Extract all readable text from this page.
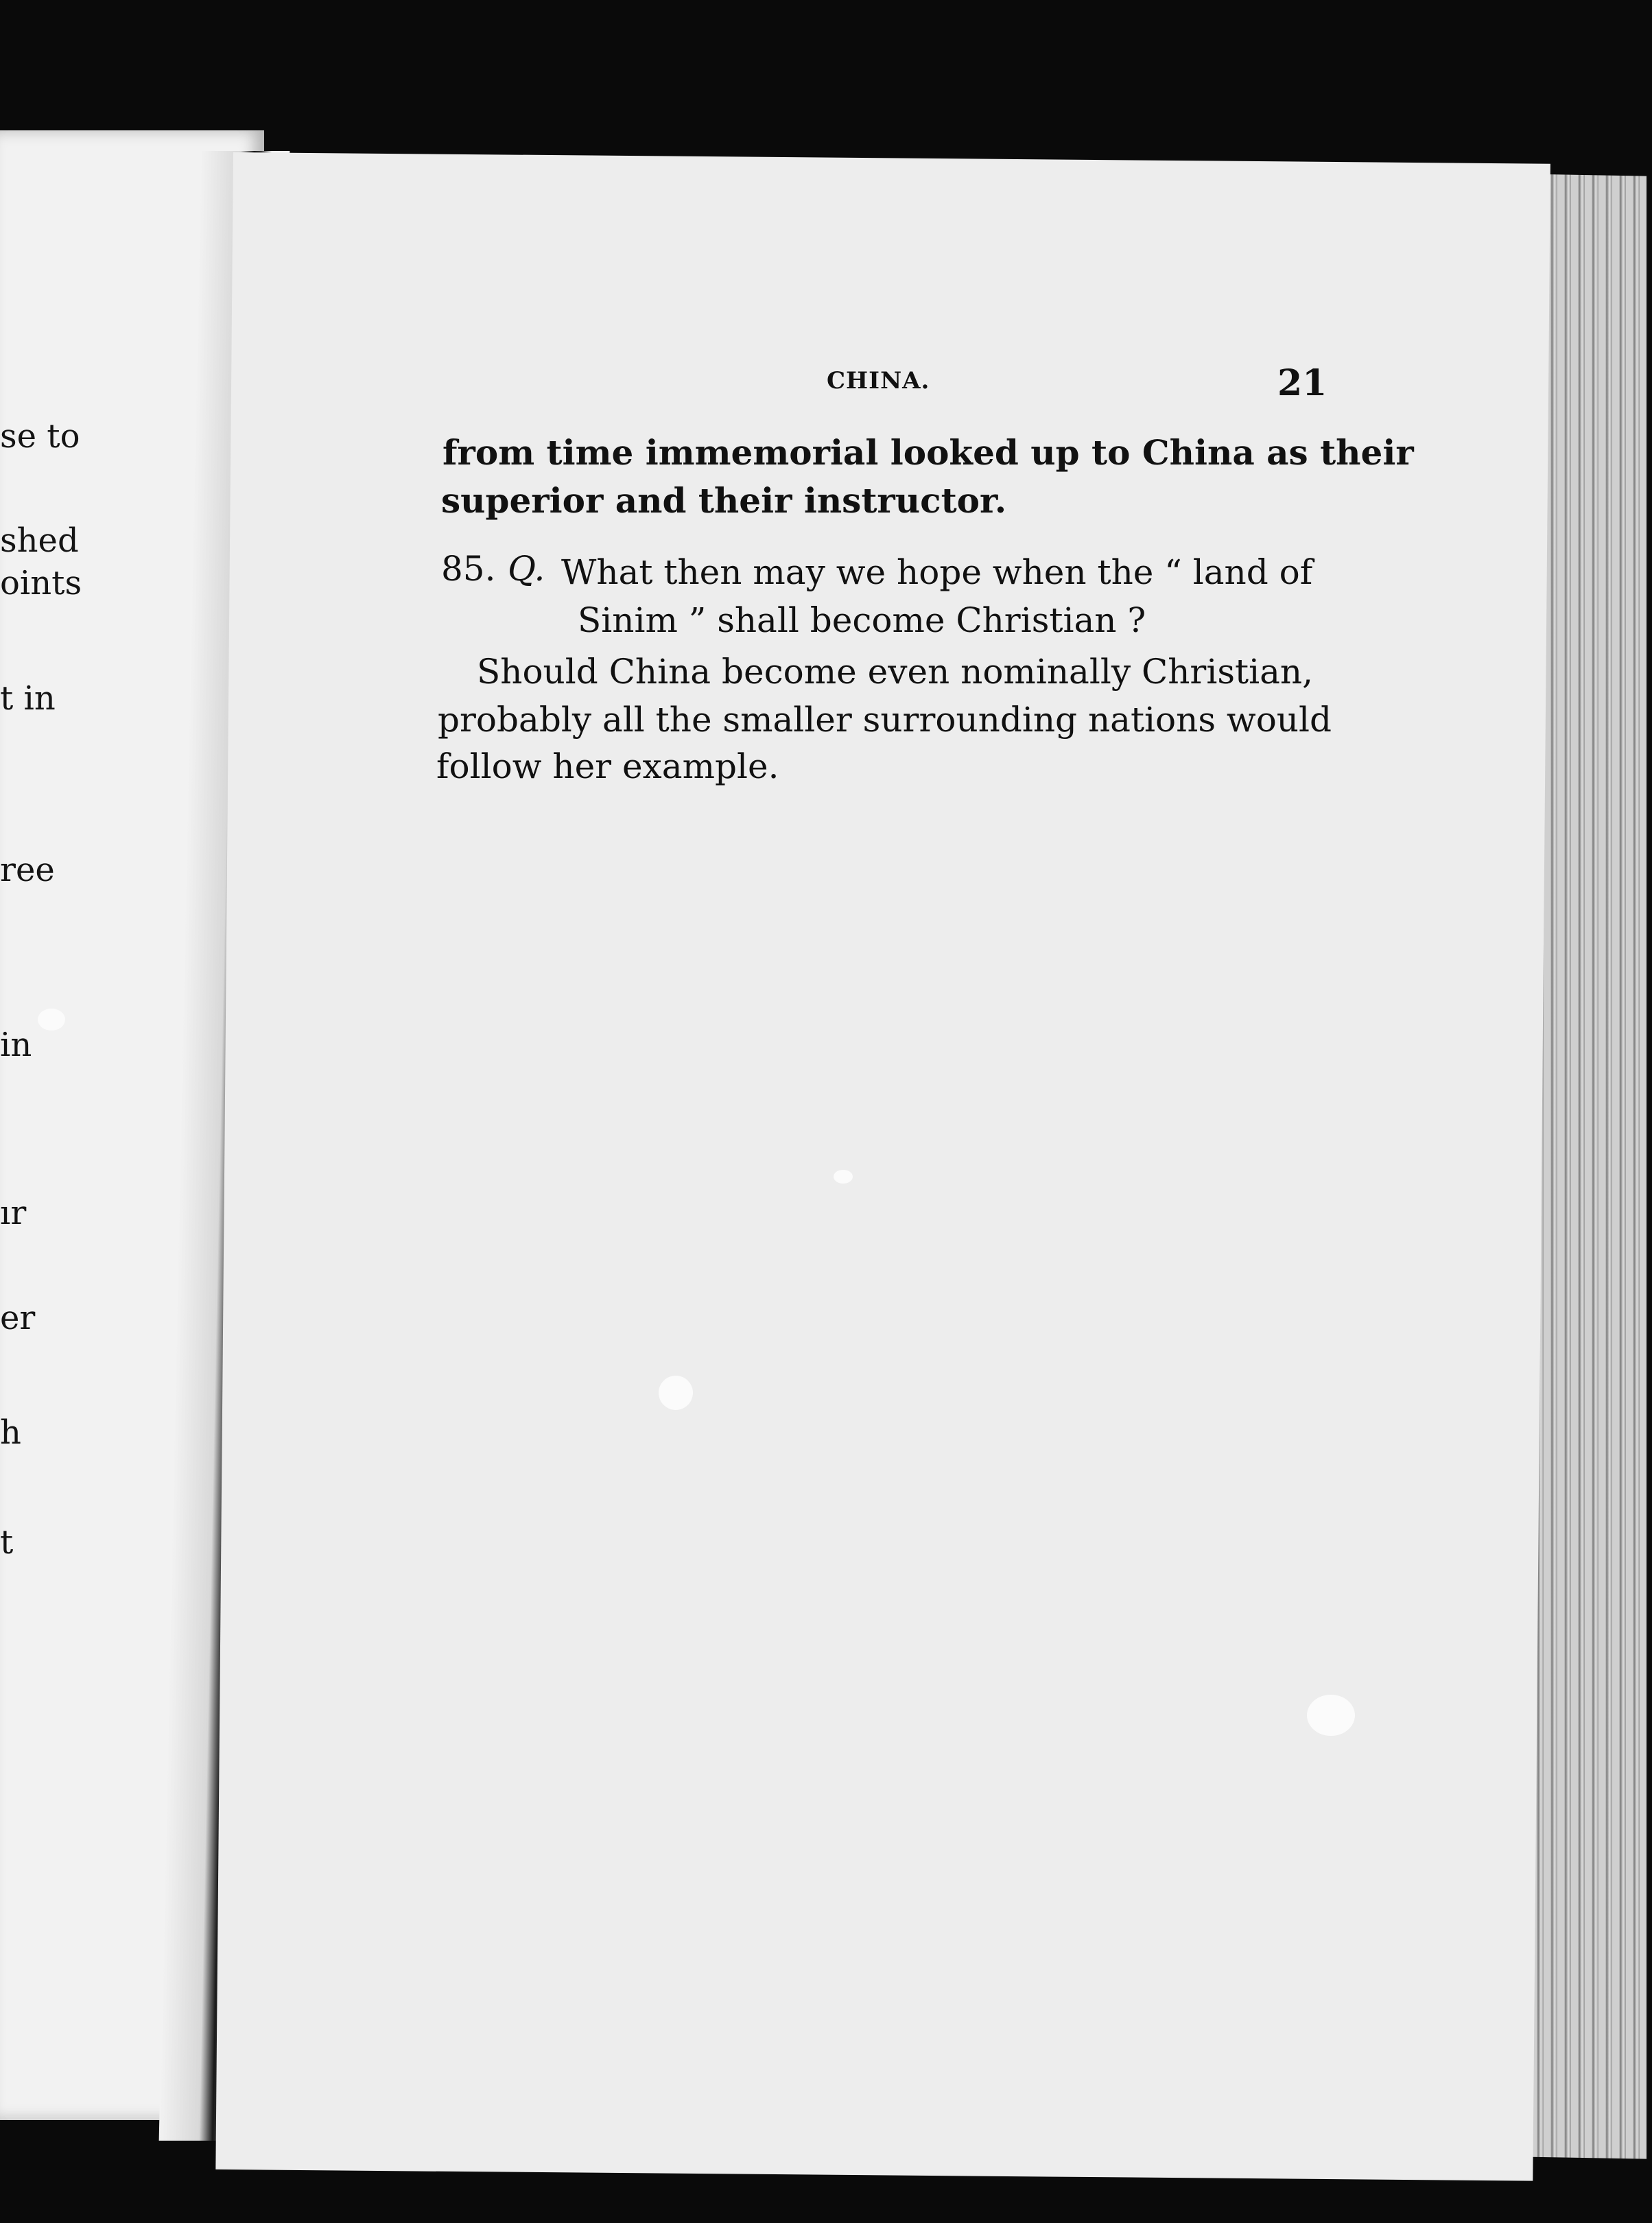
se to
shed
oints
t in
ree
in
ır
er
h
t
CHINA.	21
from time immemorial looked up to China as their
superior and their instructor.
85. Q. What then may we hope when the “ land of
Sinim ” shall become Christian ?
Should China become even nominally Christian,
probably all the smaller surrounding nations would
follow her example.
